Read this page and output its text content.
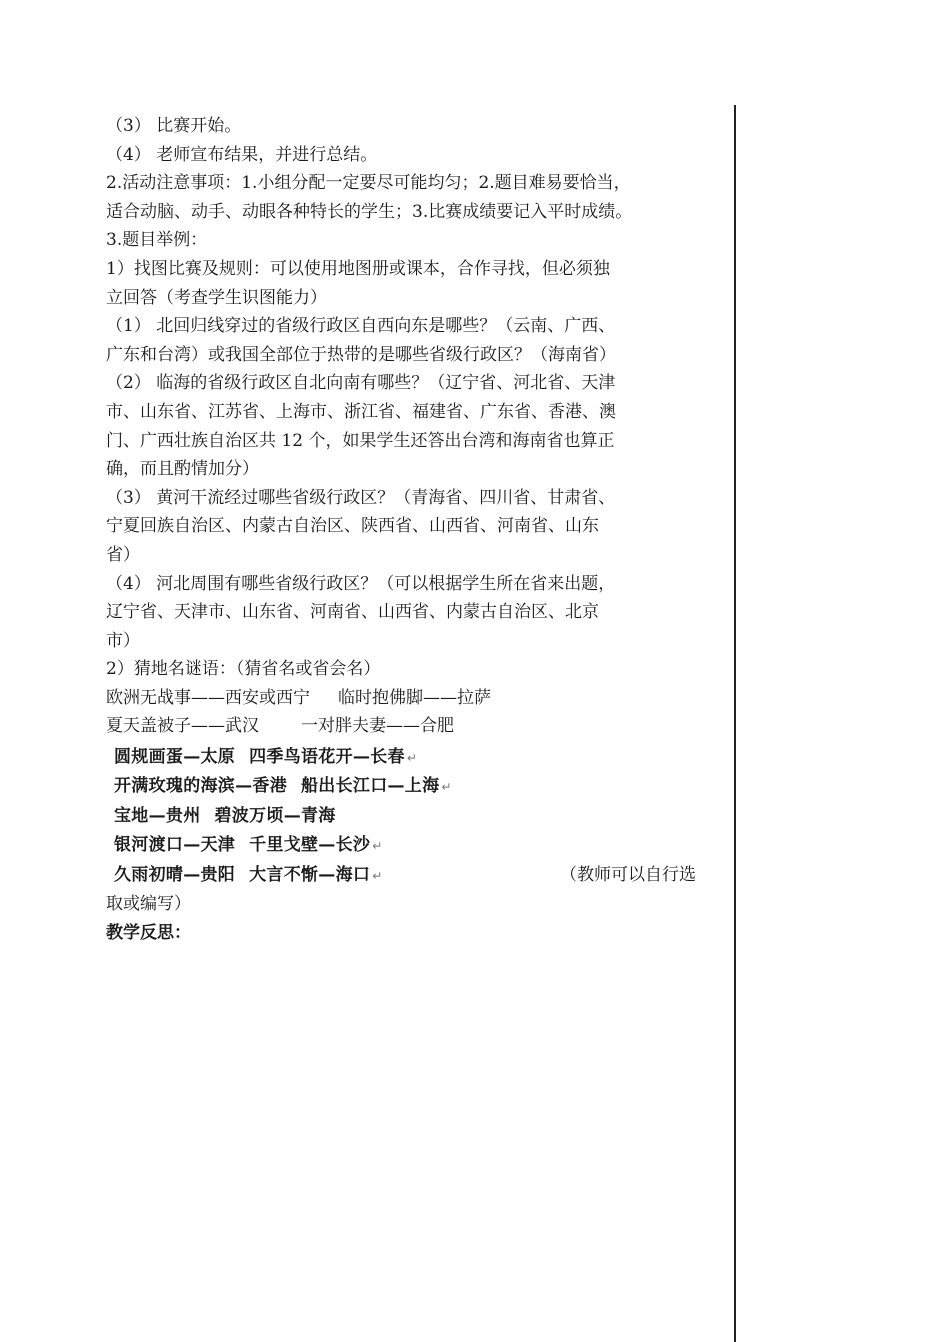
（3） 比赛开始。
（4） 老师宣布结果，并进行总结。
2.活动注意事项：1.小组分配一定要尽可能均匀；2.题目难易要恰当，
适合动脑、动手、动眼各种特长的学生；3.比赛成绩要记入平时成绩。
3.题目举例：
1）找图比赛及规则：可以使用地图册或课本，合作寻找，但必须独
立回答（考查学生识图能力）
（1） 北回归线穿过的省级行政区自西向东是哪些？（云南、广西、
广东和台湾）或我国全部位于热带的是哪些省级行政区？（海南省）
（2） 临海的省级行政区自北向南有哪些？（辽宁省、河北省、天津
市、山东省、江苏省、上海市、浙江省、福建省、广东省、香港、澳
门、广西壮族自治区共 12 个，如果学生还答出台湾和海南省也算正
确，而且酌情加分）
（3） 黄河干流经过哪些省级行政区？（青海省、四川省、甘肃省、
宁夏回族自治区、内蒙古自治区、陕西省、山西省、河南省、山东
省）
（4） 河北周围有哪些省级行政区？（可以根据学生所在省来出题，
辽宁省、天津市、山东省、河南省、山西省、内蒙古自治区、北京
市）
2）猜地名谜语：（猜省名或省会名）
欧洲无战事——西安或西宁 临时抱佛脚——拉萨
夏天盖被子——武汉 一对胖夫妻——合肥
圆规画蛋—太原 四季鸟语花开—长春 ↵
开满玫瑰的海滨—香港 船出长江口—上海 ↵
宝地—贵州 碧波万顷—青海
银河渡口—天津 千里戈壁—长沙 ↵
久雨初晴—贵阳 大言不惭—海口 ↵	（教师可以自行选
取或编写）
教学反思：
